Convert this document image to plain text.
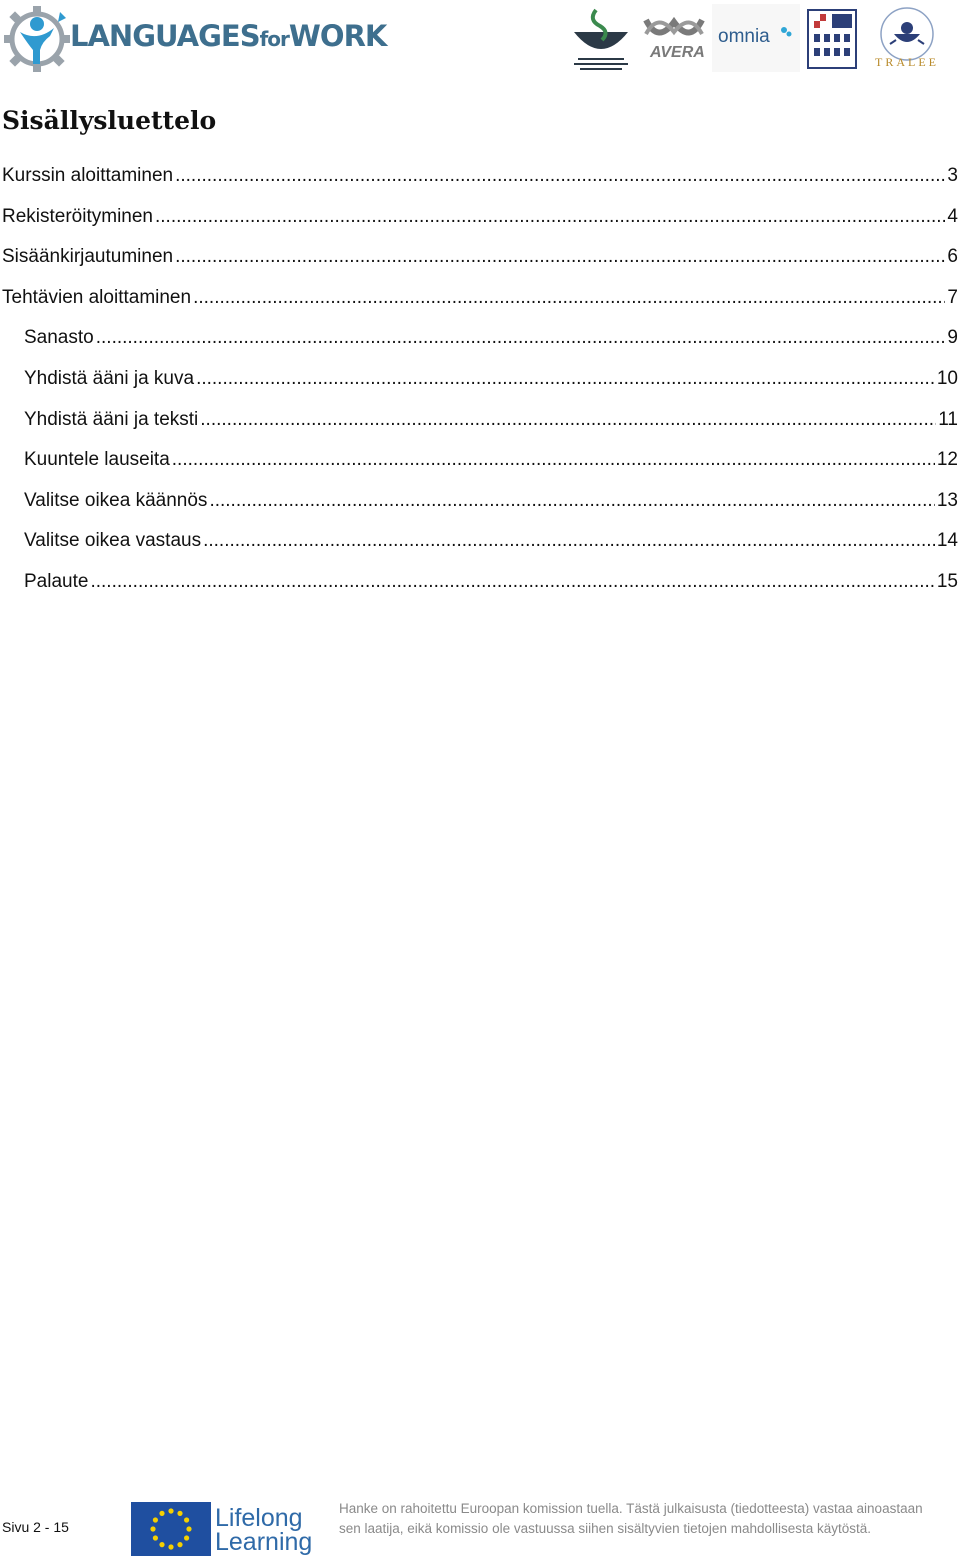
LANGUAGESforWORK	AVERA
omnia
TRALEE
Sisällysluettelo
Kurssin aloittaminen .....	3
Rekisteröityminen .....	4
Sisäänkirjautuminen .....	6
Tehtävien aloittaminen .....	7
Sanasto .....	9
Yhdistä ääni ja kuva .....	10
Yhdistä ääni ja teksti .....	11
Kuuntele lauseita .....	12
Valitse oikea käännös .....	13
Valitse oikea vastaus .....	14
Palaute .....	15
Sivu 2 - 15	Lifelong
Learning
Hanke on rahoitettu Euroopan komission tuella. Tästä julkaisusta (tiedotteesta) vastaa ainoastaan sen laatija, eikä komissio ole vastuussa siihen sisältyvien tietojen mahdollisesta käytöstä.
